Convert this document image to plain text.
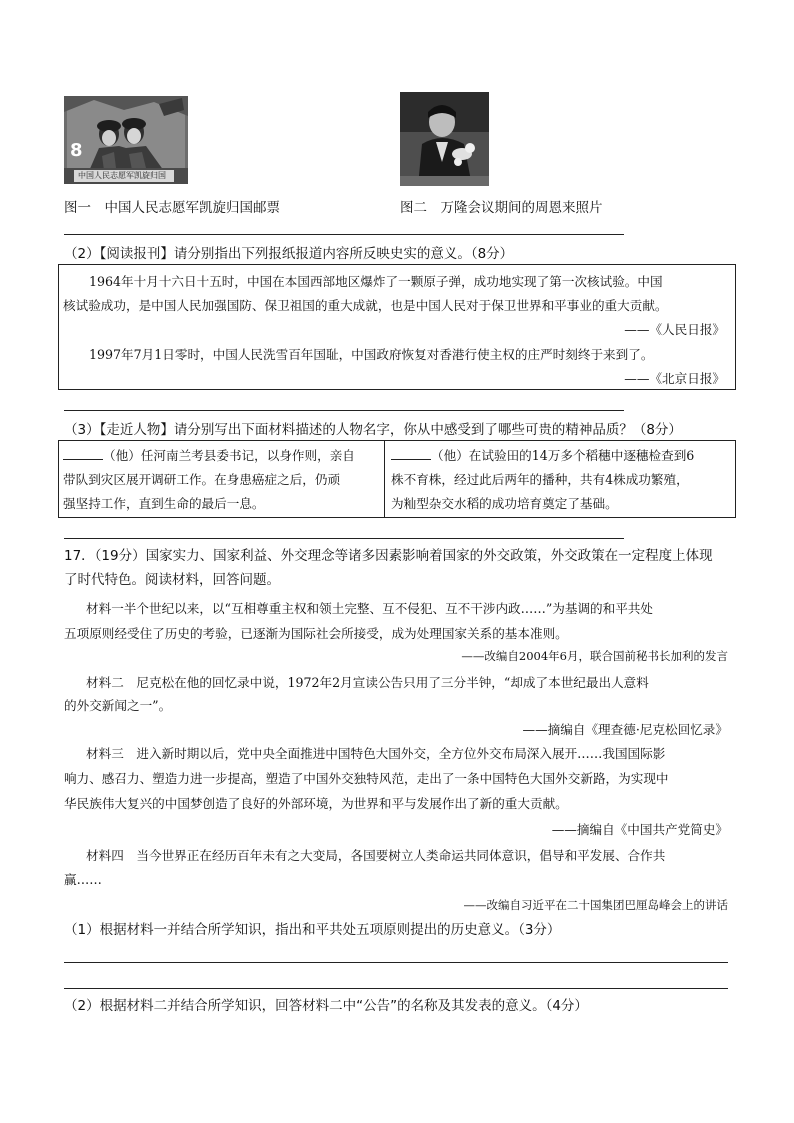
8
中国人民志愿军凯旋归国
图一　中国人民志愿军凯旋归国邮票	图二　万隆会议期间的周恩来照片
（2）【阅读报刊】请分别指出下列报纸报道内容所反映史实的意义。（8分）
1964年十月十六日十五时，中国在本国西部地区爆炸了一颗原子弹，成功地实现了第一次核试验。中国
核试验成功，是中国人民加强国防、保卫祖国的重大成就，也是中国人民对于保卫世界和平事业的重大贡献。
——《人民日报》
1997年7月1日零时，中国人民洗雪百年国耻，中国政府恢复对香港行使主权的庄严时刻终于来到了。
——《北京日报》
（3）【走近人物】请分别写出下面材料描述的人物名字，你从中感受到了哪些可贵的精神品质？（8分）
（他）任河南兰考县委书记，以身作则，亲自
带队到灾区展开调研工作。在身患癌症之后，仍顽
强坚持工作，直到生命的最后一息。
（他）在试验田的14万多个稻穗中逐穗检查到6
株不育株，经过此后两年的播种，共有4株成功繁殖，
为籼型杂交水稻的成功培育奠定了基础。
17．（19分）国家实力、国家利益、外交理念等诸多因素影响着国家的外交政策，外交政策在一定程度上体现
了时代特色。阅读材料，回答问题。
材料一半个世纪以来，以“互相尊重主权和领土完整、互不侵犯、互不干涉内政……”为基调的和平共处
五项原则经受住了历史的考验，已逐渐为国际社会所接受，成为处理国家关系的基本准则。
——改编自2004年6月，联合国前秘书长加利的发言
材料二　尼克松在他的回忆录中说，1972年2月宣读公告只用了三分半钟，“却成了本世纪最出人意料
的外交新闻之一”。
——摘编自《理查德·尼克松回忆录》
材料三　进入新时期以后，党中央全面推进中国特色大国外交，全方位外交布局深入展开……我国国际影
响力、感召力、塑造力进一步提高，塑造了中国外交独特风范，走出了一条中国特色大国外交新路，为实现中
华民族伟大复兴的中国梦创造了良好的外部环境，为世界和平与发展作出了新的重大贡献。
——摘编自《中国共产党简史》
材料四　当今世界正在经历百年未有之大变局，各国要树立人类命运共同体意识，倡导和平发展、合作共
赢……
——改编自习近平在二十国集团巴厘岛峰会上的讲话
（1）根据材料一并结合所学知识，指出和平共处五项原则提出的历史意义。（3分）
（2）根据材料二并结合所学知识，回答材料二中“公告”的名称及其发表的意义。（4分）
